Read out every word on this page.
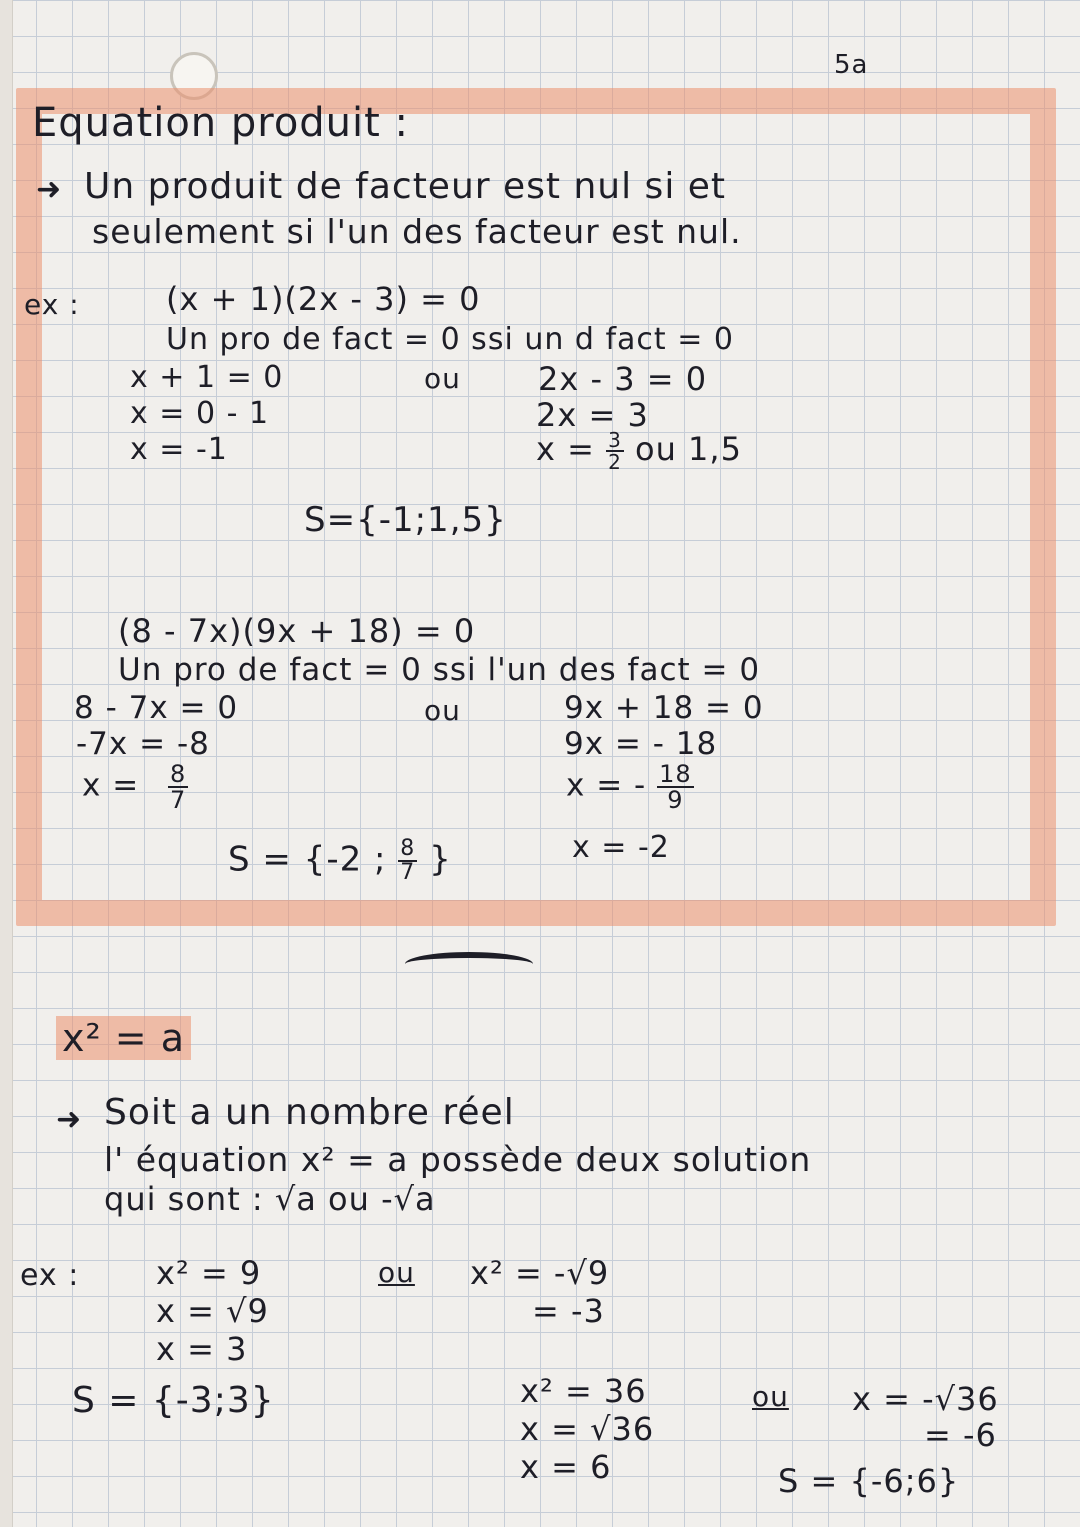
5a
Equation produit :
➜ Un produit de facteur est nul si et
seulement si l'un des facteur est nul.
ex :	(x + 1)(2x - 3) = 0
Un pro de fact = 0 ssi un d fact = 0
x + 1 = 0	ou 2x - 3 = 0
x = 0 - 1	2x = 3
x = -1	$x = \frac{3}{2}$ ou 1,5
S={-1;1,5}
(8 - 7x)(9x + 18) = 0
Un pro de fact = 0 ssi l'un des fact = 0
8 - 7x = 0	ou	9x + 18 = 0
-7x = -8	9x = - 18
$x = \frac{8}{7}$	x = - $\frac{18}{9}$
x = -2
S = {-2 ; $\frac{8}{7}$ }
x² = a
➜ Soit a un nombre réel
l' équation x² = a possède deux solution
qui sont : √a ou -√a
ex : x² = 9	ou x² = -√9
x = √9	= -3
x = 3
S = {-3;3}	x² = 36	ou x = -√36
x = √36	= -6
x = 6	S = {-6;6}
